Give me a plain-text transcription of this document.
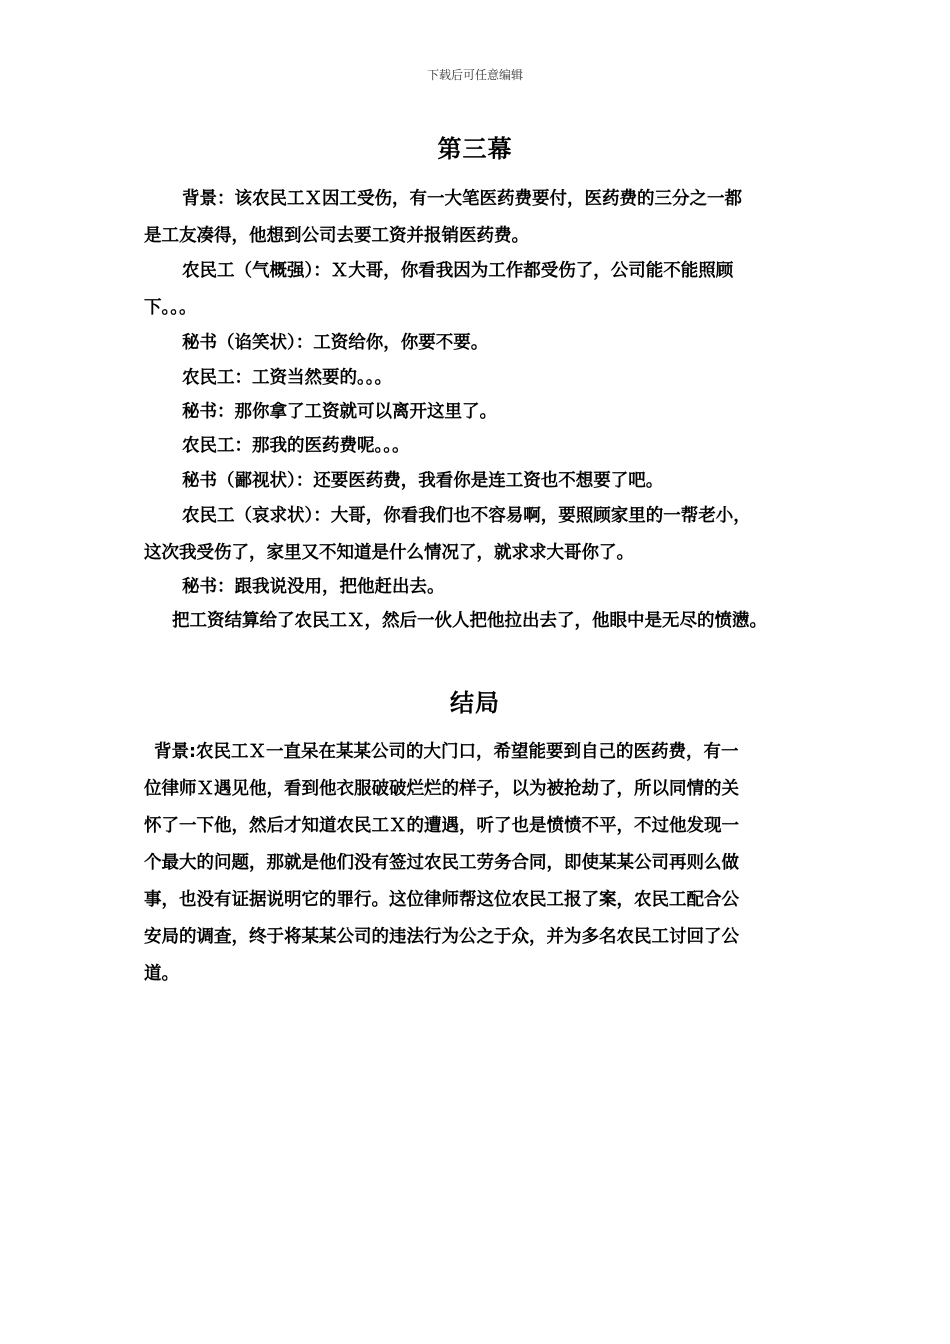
下载后可任意编辑
第三幕

背景：该农民工Ｘ因工受伤，有一大笔医药费要付，医药费的三分之一都
是工友凑得，他想到公司去要工资并报销医药费。

农民工（气概强）：Ｘ大哥，你看我因为工作都受伤了，公司能不能照顾
下。。。

秘书（谄笑状）：工资给你，你要不要。

农民工：工资当然要的。。。

秘书：那你拿了工资就可以离开这里了。

农民工：那我的医药费呢。。。

秘书（鄙视状）：还要医药费，我看你是连工资也不想要了吧。

农民工（哀求状）：大哥，你看我们也不容易啊，要照顾家里的一帮老小，
这次我受伤了，家里又不知道是什么情况了，就求求大哥你了。

秘书：跟我说没用，把他赶出去。

把工资结算给了农民工Ｘ，然后一伙人把他拉出去了，他眼中是无尽的愤懑。

结局

背景:农民工Ｘ一直呆在某某公司的大门口，希望能要到自己的医药费，有一
位律师Ｘ遇见他，看到他衣服破破烂烂的样子，以为被抢劫了，所以同情的关
怀了一下他，然后才知道农民工Ｘ的遭遇，听了也是愤愤不平，不过他发现一
个最大的问题，那就是他们没有签过农民工劳务合同，即使某某公司再则么做
事，也没有证据说明它的罪行。这位律师帮这位农民工报了案，农民工配合公
安局的调查，终于将某某公司的违法行为公之于众，并为多名农民工讨回了公
道。
